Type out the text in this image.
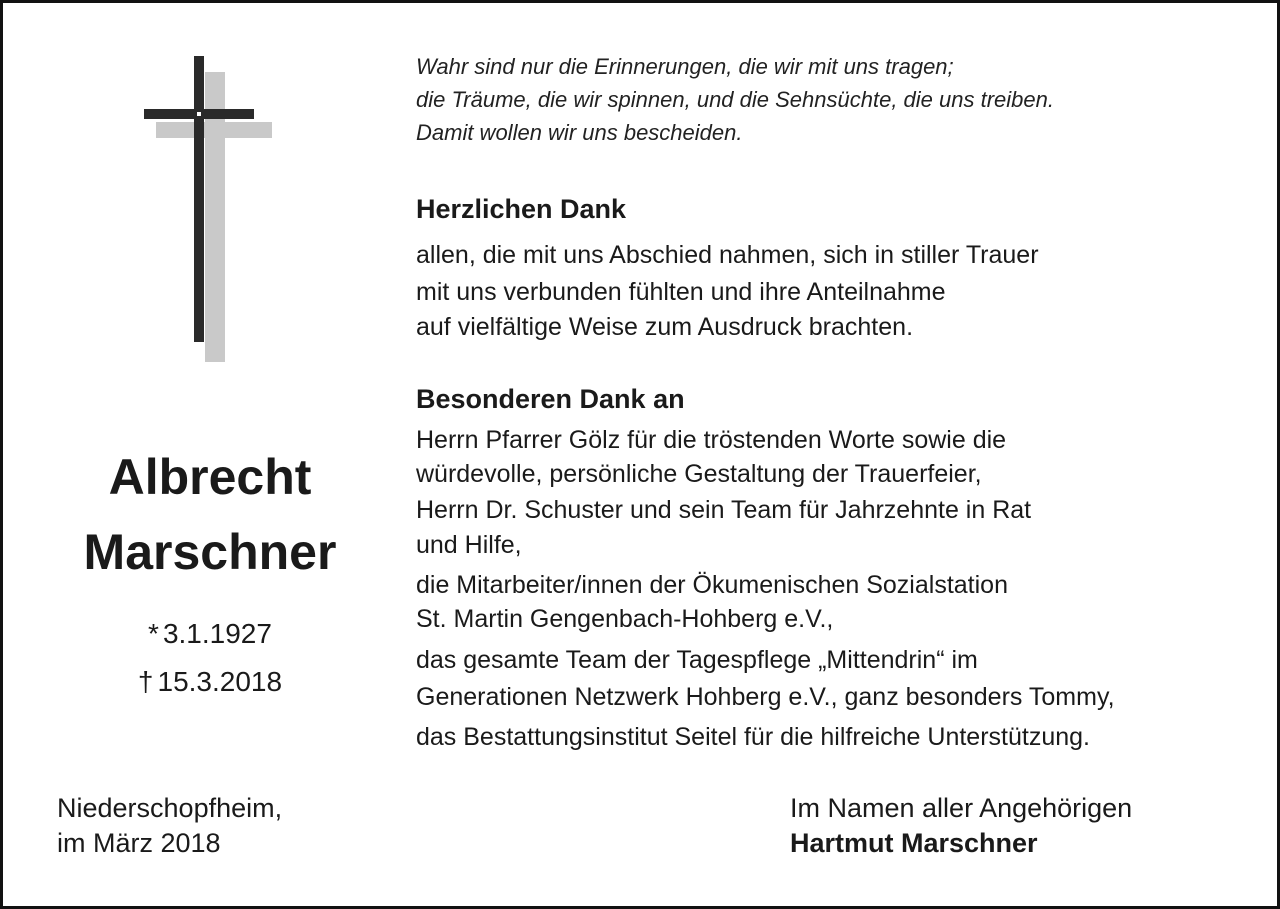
Albrecht
Marschner
* 3.1.1927
† 15.3.2018
Niederschopfheim,
im März 2018
Wahr sind nur die Erinnerungen, die wir mit uns tragen;
die Träume, die wir spinnen, und die Sehnsüchte, die uns treiben.
Damit wollen wir uns bescheiden.
Herzlichen Dank
allen, die mit uns Abschied nahmen, sich in stiller Trauer
mit uns verbunden fühlten und ihre Anteilnahme
auf vielfältige Weise zum Ausdruck brachten.
Besonderen Dank an
Herrn Pfarrer Gölz für die tröstenden Worte sowie die
würdevolle, persönliche Gestaltung der Trauerfeier,
Herrn Dr. Schuster und sein Team für Jahrzehnte in Rat
und Hilfe,
die Mitarbeiter/innen der Ökumenischen Sozialstation
St. Martin Gengenbach-Hohberg e.V.,
das gesamte Team der Tagespflege „Mittendrin“ im
Generationen Netzwerk Hohberg e.V., ganz besonders Tommy,
das Bestattungsinstitut Seitel für die hilfreiche Unterstützung.
Im Namen aller Angehörigen
Hartmut Marschner
